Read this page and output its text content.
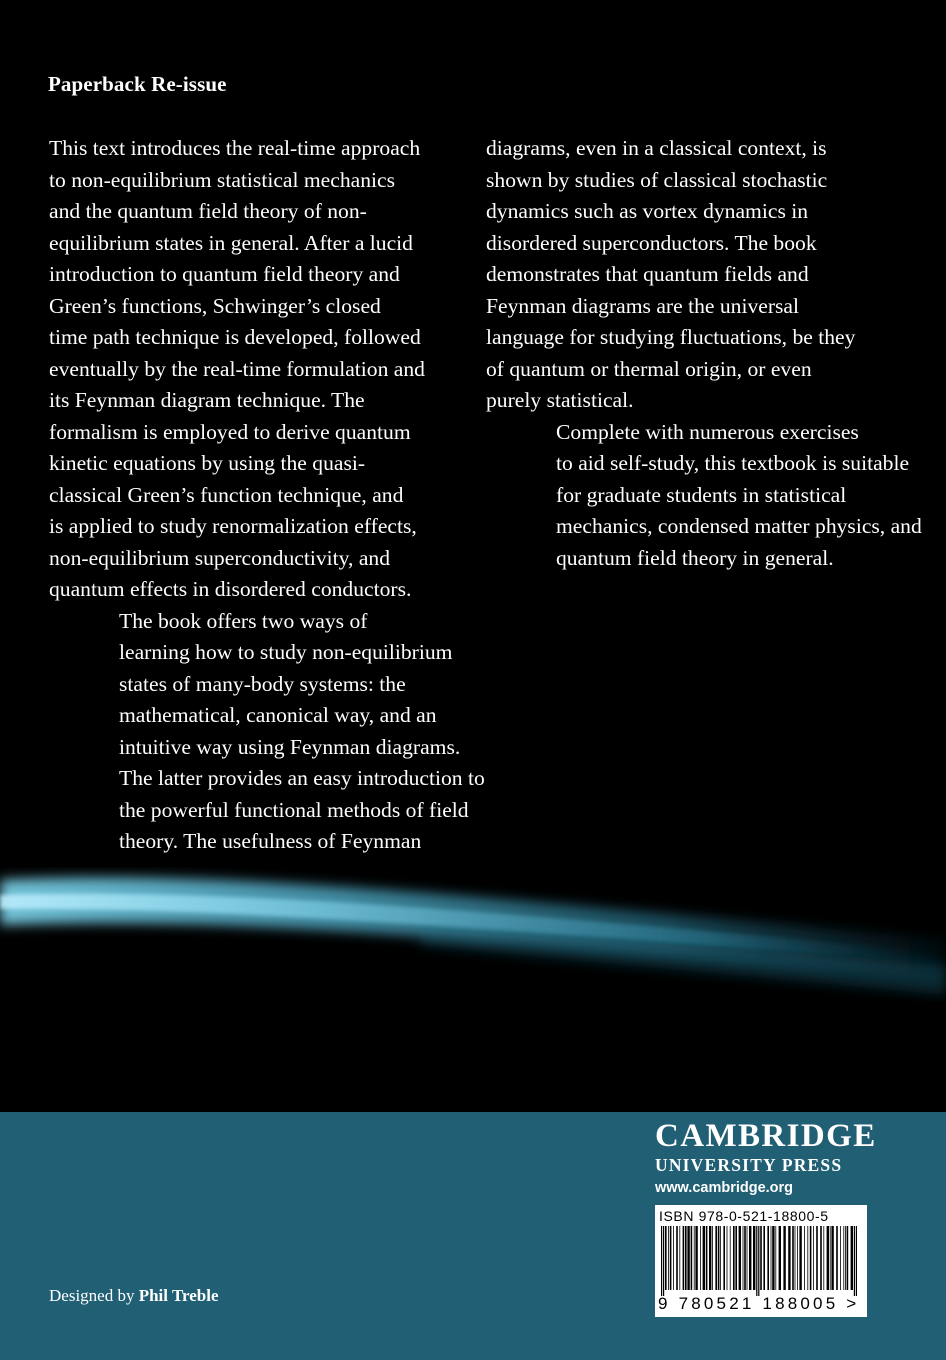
Paperback Re-issue

This text introduces the real-time approach
to non-equilibrium statistical mechanics
and the quantum field theory of non-
equilibrium states in general. After a lucid
introduction to quantum field theory and
Green’s functions, Schwinger’s closed
time path technique is developed, followed
eventually by the real-time formulation and
its Feynman diagram technique. The
formalism is employed to derive quantum
kinetic equations by using the quasi-
classical Green’s function technique, and
is applied to study renormalization effects,
non-equilibrium superconductivity, and
quantum effects in disordered conductors.

The book offers two ways of
learning how to study non-equilibrium
states of many-body systems: the
mathematical, canonical way, and an
intuitive way using Feynman diagrams.
The latter provides an easy introduction to
the powerful functional methods of field
theory. The usefulness of Feynman

diagrams, even in a classical context, is
shown by studies of classical stochastic
dynamics such as vortex dynamics in
disordered superconductors. The book
demonstrates that quantum fields and
Feynman diagrams are the universal
language for studying fluctuations, be they
of quantum or thermal origin, or even
purely statistical.

Complete with numerous exercises
to aid self-study, this textbook is suitable
for graduate students in statistical
mechanics, condensed matter physics, and
quantum field theory in general.

CAMBRIDGE
UNIVERSITY PRESS
www.cambridge.org
ISBN 978-0-521-18800-5
9 780521 188005 >
Designed by Phil Treble
